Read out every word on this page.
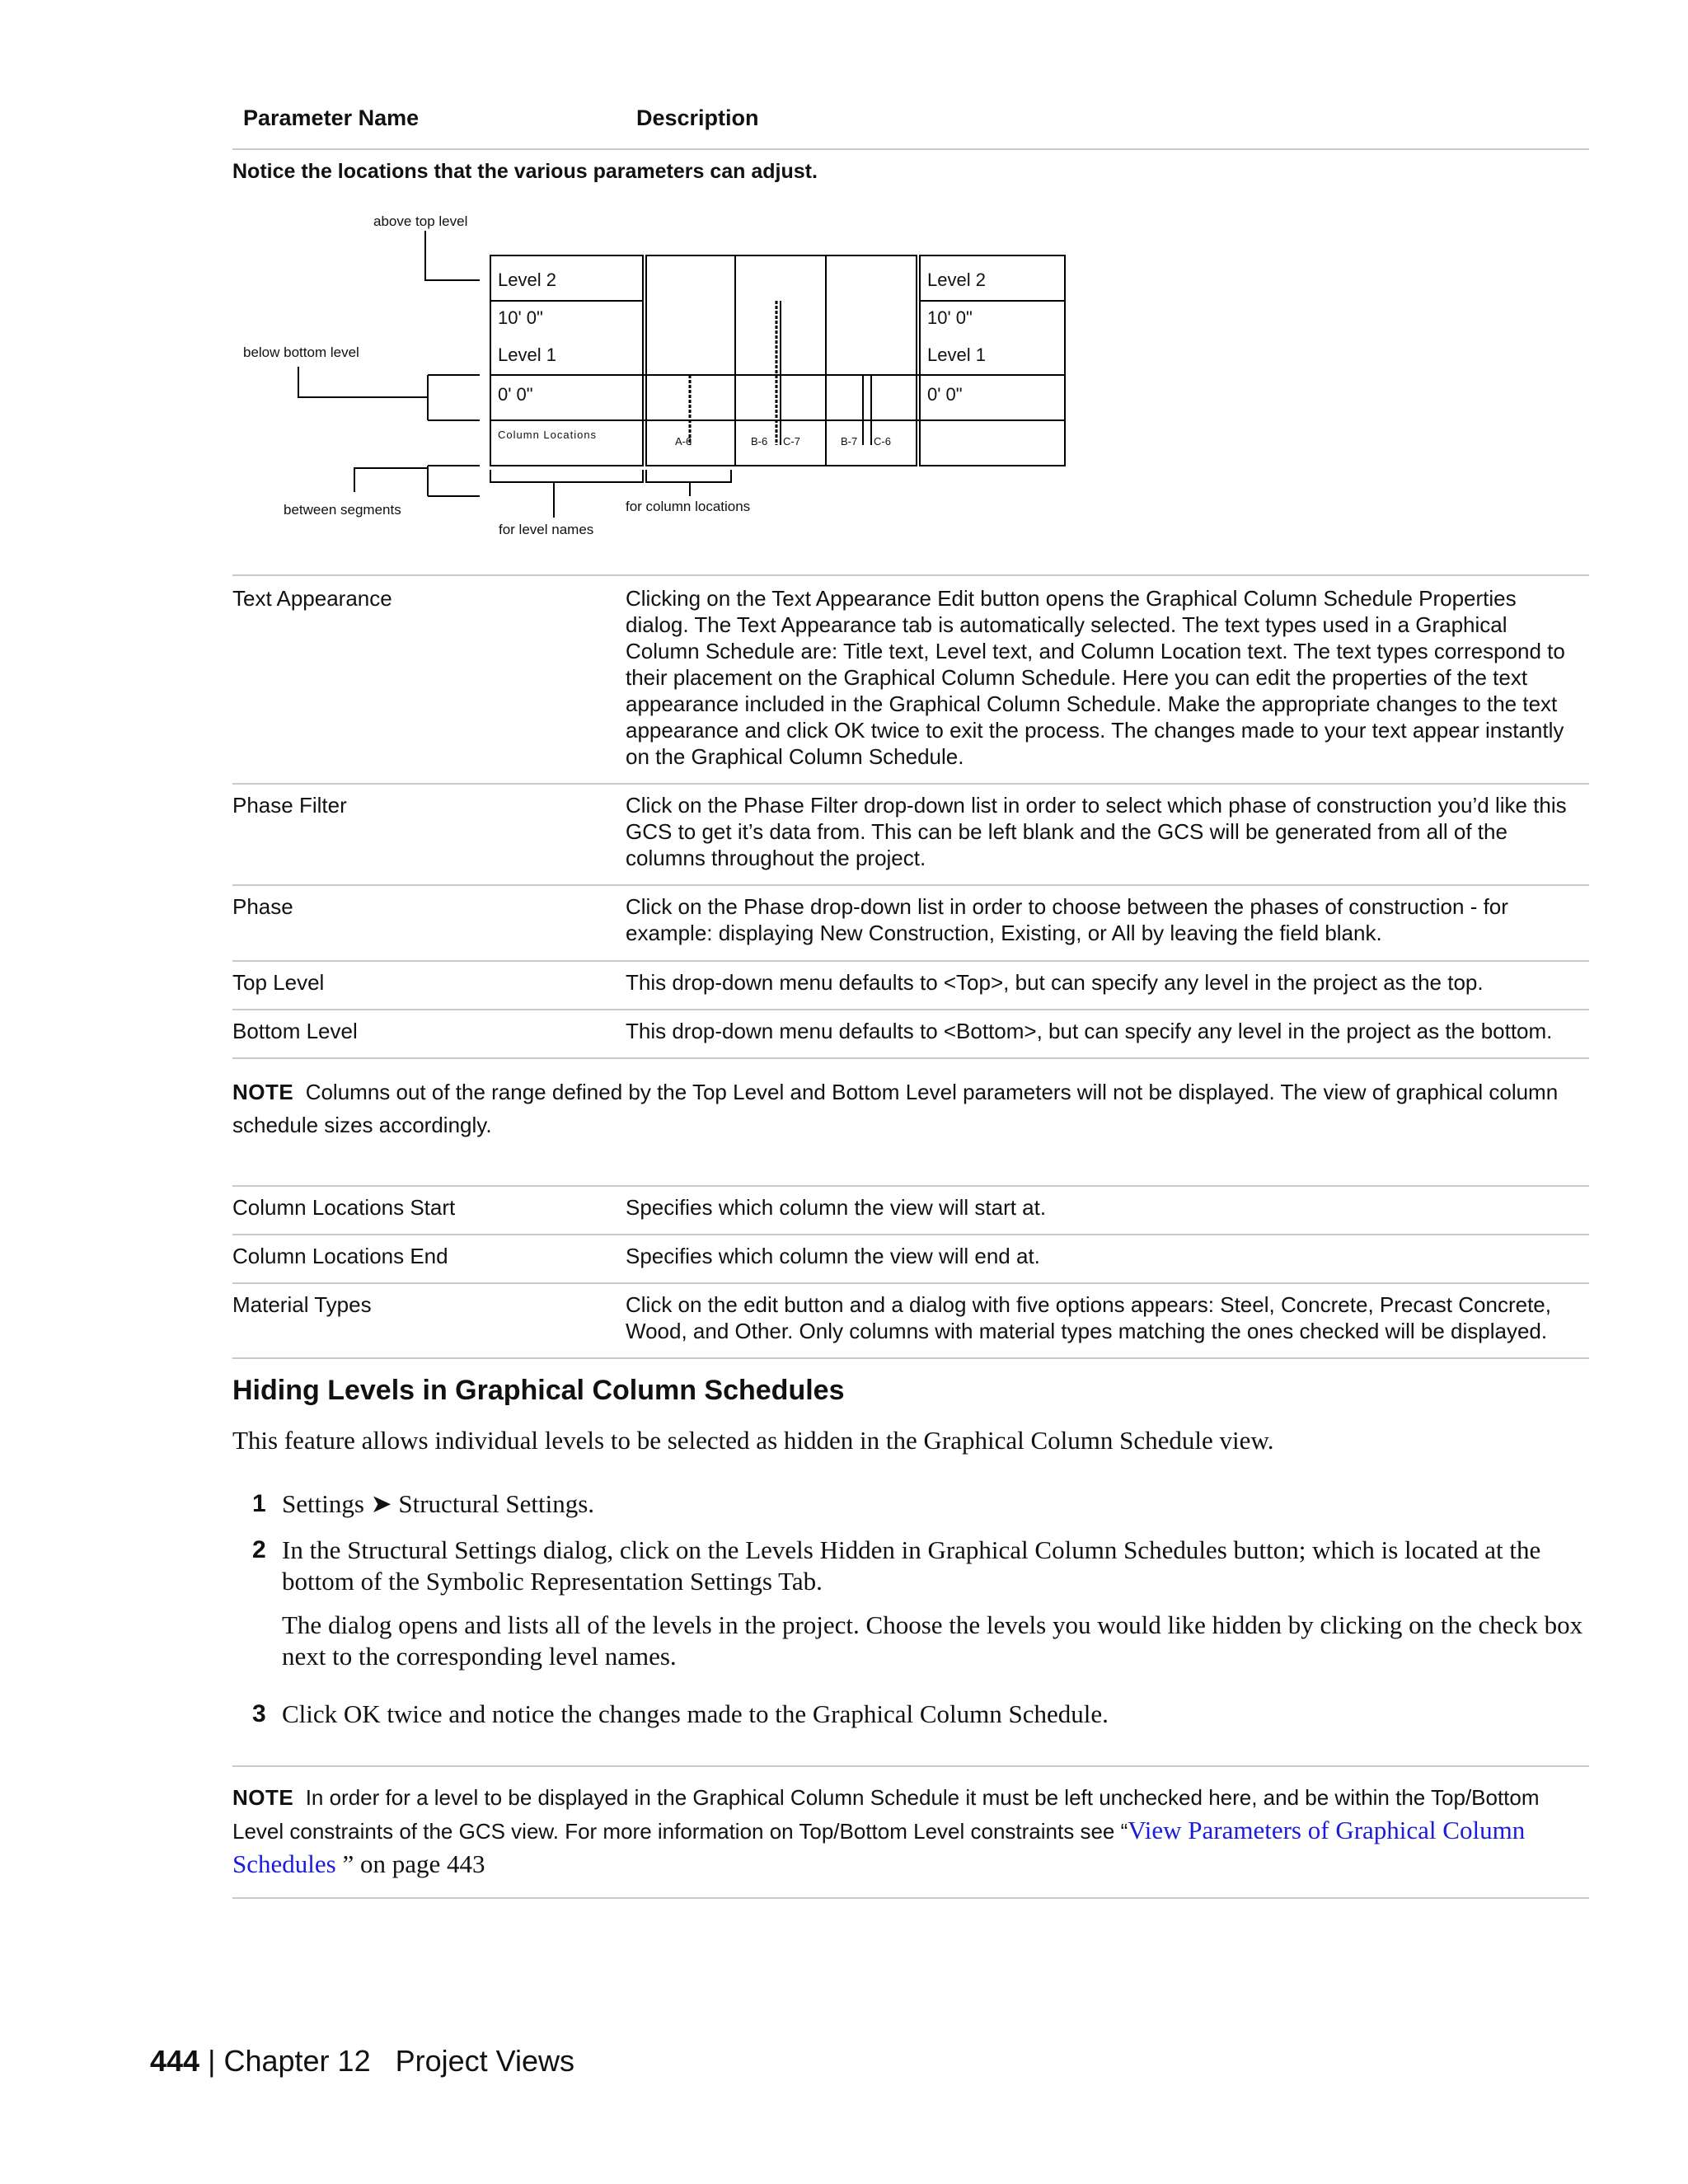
Parameter Name	Description
Notice the locations that the various parameters can adjust.
above top level
below bottom level
between segments
for level names
for column locations
Level 2
10' 0"
Level 1
0' 0"
Column Locations
Level 2
10' 0"
Level 1
0' 0"
A-6	B-6 C-7	B-7 C-6
Text Appearance	Clicking on the Text Appearance Edit button opens the Graphical Column Schedule Properties dialog. The Text Appearance tab is automatically selected. The text types used in a Graphical Column Schedule are: Title text, Level text, and Column Location text. The text types correspond to their placement on the Graphical Column Schedule. Here you can edit the properties of the text appearance included in the Graphical Column Schedule. Make the appropriate changes to the text appearance and click OK twice to exit the process. The changes made to your text appear instantly on the Graphical Column Schedule.
Phase Filter	Click on the Phase Filter drop-down list in order to select which phase of construction you’d like this GCS to get it’s data from. This can be left blank and the GCS will be generated from all of the columns throughout the project.
Phase	Click on the Phase drop-down list in order to choose between the phases of construction - for example: displaying New Construction, Existing, or All by leaving the field blank.
Top Level	This drop-down menu defaults to <Top>, but can specify any level in the project as the top.
Bottom Level	This drop-down menu defaults to <Bottom>, but can specify any level in the project as the bottom.
NOTE Columns out of the range defined by the Top Level and Bottom Level parameters will not be displayed. The view of graphical column schedule sizes accordingly.
Column Locations Start	Specifies which column the view will start at.
Column Locations End	Specifies which column the view will end at.
Material Types	Click on the edit button and a dialog with five options appears: Steel, Concrete, Precast Concrete, Wood, and Other. Only columns with material types matching the ones checked will be displayed.
Hiding Levels in Graphical Column Schedules
This feature allows individual levels to be selected as hidden in the Graphical Column Schedule view.
1 Settings ➤ Structural Settings.
2 In the Structural Settings dialog, click on the Levels Hidden in Graphical Column Schedules button; which is located at the bottom of the Symbolic Representation Settings Tab.
The dialog opens and lists all of the levels in the project. Choose the levels you would like hidden by clicking on the check box next to the corresponding level names.
3 Click OK twice and notice the changes made to the Graphical Column Schedule.
NOTE In order for a level to be displayed in the Graphical Column Schedule it must be left unchecked here, and be within the Top/Bottom Level constraints of the GCS view. For more information on Top/Bottom Level constraints see “View Parameters of Graphical Column Schedules ” on page 443
444 | Chapter 12 Project Views
